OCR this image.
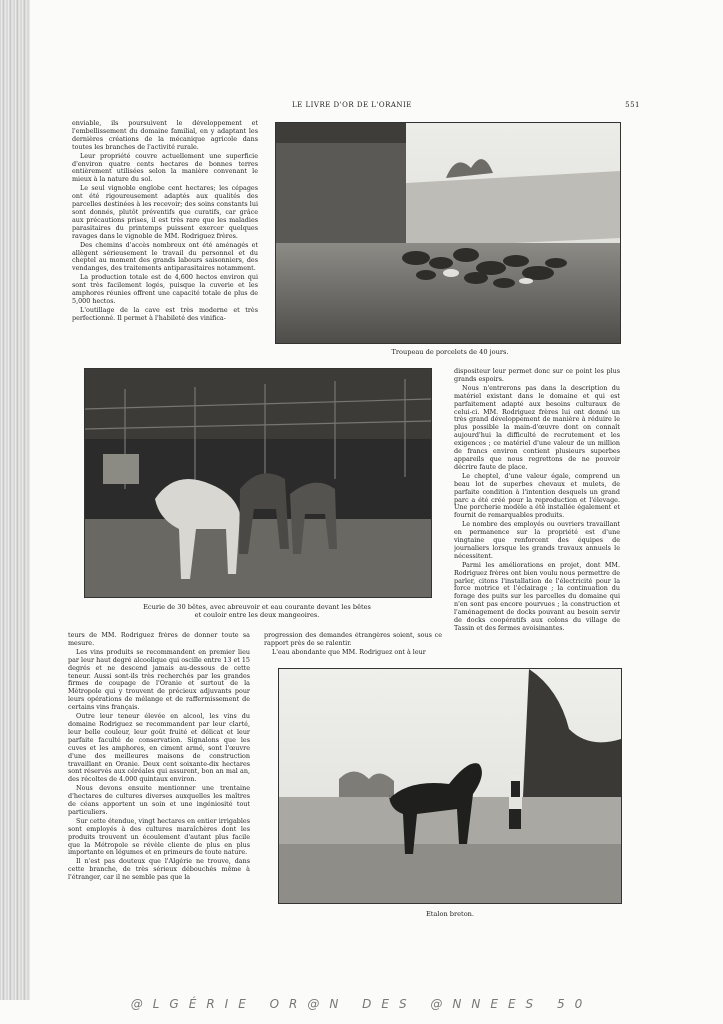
LE LIVRE D'OR DE L'ORANIE	551

enviable, ils poursuivent le développement et l'embellissement du domaine familial, en y adaptant les dernières créations de la mécanique agricole dans toutes les branches de l'activité rurale.

Leur propriété couvre actuellement une superficie d'environ quatre cents hectares de bonnes terres entièrement utilisées selon la manière convenant le mieux à la nature du sol.

Le seul vignoble englobe cent hectares; les cépages ont été rigoureusement adaptés aux qualités des parcelles destinées à les recevoir; des soins constants lui sont donnés, plutôt préventifs que curatifs, car grâce aux précautions prises, il est très rare que les maladies parasitaires du printemps puissent exercer quelques ravages dans le vignoble de MM. Rodriguez frères.

Des chemins d'accès nombreux ont été aménagés et allègent sérieusement le travail du personnel et du cheptel au moment des grands labours saisonniers, des vendanges, des traitements antiparasitaires notamment.

La production totale est de 4,600 hectos environ qui sont très facilement logés, puisque la cuverie et les amphores réunies offrent une capacité totale de plus de 5,000 hectos.

L'outillage de la cave est très moderne et très perfectionné. Il permet à l'habileté des vinifica-

Troupeau de porcelets de 40 jours.
Ecurie de 30 bêtes, avec abreuvoir et eau courante devant les bêtes
et couloir entre les deux mangeoires.

dispositeur leur permet donc sur ce point les plus grands espoirs.

Nous n'entrerons pas dans la description du matériel existant dans le domaine et qui est parfaitement adapté aux besoins culturaux de celui-ci. MM. Rodriguez frères lui ont donné un très grand développement de manière à réduire le plus possible la main-d'œuvre dont on connaît aujourd'hui la difficulté de recrutement et les exigences ; ce matériel d'une valeur de un million de francs environ contient plusieurs superbes appareils que nous regrettons de ne pouvoir décrire faute de place.

Le cheptel, d'une valeur égale, comprend un beau lot de superbes chevaux et mulets, de parfaite condition à l'intention desquels un grand parc a été créé pour la reproduction et l'élevage. Une porcherie modèle a été installée également et fournit de remarquables produits.

Le nombre des employés ou ouvriers travaillant en permanence sur la propriété est d'une vingtaine que renforcent des équipes de journaliers lorsque les grands travaux annuels le nécessitent.

Parmi les améliorations en projet, dont MM. Rodriguez frères ont bien voulu nous permettre de parler, citons l'installation de l'électricité pour la force motrice et l'éclairage ; la continuation du forage des puits sur les parcelles du domaine qui n'en sont pas encore pourvues ; la construction et l'aménagement de docks pouvant au besoin servir de docks coopératifs aux colons du village de Tassin et des fermes avoisinantes.

teurs de MM. Rodriguez frères de donner toute sa mesure.

Les vins produits se recommandent en premier lieu par leur haut degré alcoolique qui oscille entre 13 et 15 degrés et ne descend jamais au-dessous de cette teneur. Aussi sont-ils très recherchés par les grandes firmes de coupage de l'Oranie et surtout de la Métropole qui y trouvent de précieux adjuvants pour leurs opérations de mélange et de raffermissement de certains vins français.

Outre leur teneur élevée en alcool, les vins du domaine Rodriguez se recommandent par leur clarté, leur belle couleur, leur goût fruité et délicat et leur parfaite faculté de conservation. Signalons que les cuves et les amphores, en ciment armé, sont l'œuvre d'une des meilleures maisons de construction travaillant en Oranie. Deux cent soixante-dix hectares sont réservés aux céréales qui assurent, bon an mal an, des récoltes de 4.000 quintaux environ.

Nous devons ensuite mentionner une trentaine d'hectares de cultures diverses auxquelles les maîtres de céans apportent un soin et une ingéniosité tout particuliers.

Sur cette étendue, vingt hectares en entier irrigables sont employés à des cultures maraîchères dont les produits trouvent un écoulement d'autant plus facile que la Métropole se révèle cliente de plus en plus importante en légumes et en primeurs de toute nature.

Il n'est pas douteux que l'Algérie ne trouve, dans cette branche, de très sérieux débouchés même à l'étranger, car il ne semble pas que la

progression des demandes étrangères soient, sous ce rapport près de se ralentir.

L'eau abondante que MM. Rodriguez ont à leur

Etalon breton.
@LGÉRIE OR@N DES @NNEES 50
